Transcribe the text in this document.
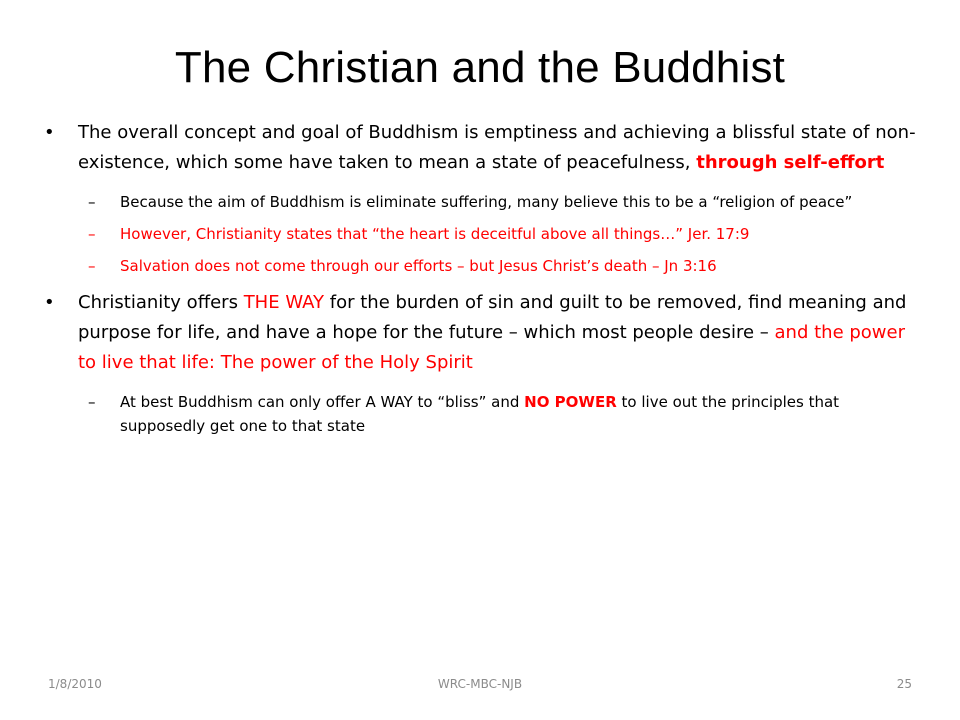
The Christian and the Buddhist

• The overall concept and goal of Buddhism is emptiness and achieving a blissful state of non-existence, which some have taken to mean a state of peacefulness, through self-effort

– Because the aim of Buddhism is eliminate suffering, many believe this to be a “religion of peace”

– However, Christianity states that “the heart is deceitful above all things…” Jer. 17:9

– Salvation does not come through our efforts – but Jesus Christ’s death – Jn 3:16

• Christianity offers THE WAY for the burden of sin and guilt to be removed, find meaning and purpose for life, and have a hope for the future – which most people desire – and the power to live that life: The power of the Holy Spirit

– At best Buddhism can only offer A WAY to “bliss” and NO POWER to live out the principles that supposedly get one to that state

1/8/2010	WRC-MBC-NJB	25
